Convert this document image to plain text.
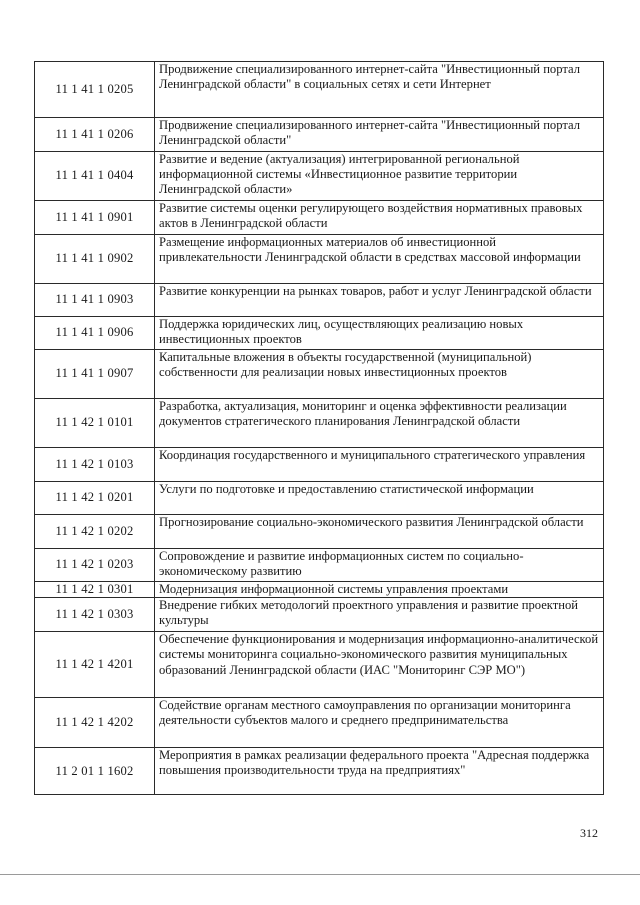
11 1 41 1 0205	Продвижение специализированного интернет-сайта "Инвестиционный портал Ленинградской области" в социальных сетях и сети Интернет
11 1 41 1 0206	Продвижение специализированного интернет-сайта "Инвестиционный портал Ленинградской области"
11 1 41 1 0404	Развитие и ведение (актуализация) интегрированной региональной информационной системы «Инвестиционное развитие территории Ленинградской области»
11 1 41 1 0901	Развитие системы оценки регулирующего воздействия нормативных правовых актов в Ленинградской области
11 1 41 1 0902	Размещение информационных материалов об инвестиционной привлекательности Ленинградской области в средствах массовой информации
11 1 41 1 0903	Развитие конкуренции на рынках товаров, работ и услуг Ленинградской области
11 1 41 1 0906	Поддержка юридических лиц, осуществляющих реализацию новых инвестиционных проектов
11 1 41 1 0907	Капитальные вложения в объекты государственной (муниципальной) собственности для реализации новых инвестиционных проектов
11 1 42 1 0101	Разработка, актуализация, мониторинг и оценка эффективности реализации документов стратегического планирования Ленинградской области
11 1 42 1 0103	Координация государственного и муниципального стратегического управления
11 1 42 1 0201	Услуги по подготовке и предоставлению статистической информации
11 1 42 1 0202	Прогнозирование социально-экономического развития Ленинградской области
11 1 42 1 0203	Сопровождение и развитие информационных систем по социально-экономическому развитию
11 1 42 1 0301	Модернизация информационной системы управления проектами
11 1 42 1 0303	Внедрение гибких методологий проектного управления и развитие проектной культуры
11 1 42 1 4201	Обеспечение функционирования и модернизация информационно-аналитической системы мониторинга социально-экономического развития муниципальных образований Ленинградской области (ИАС "Мониторинг СЭР МО")
11 1 42 1 4202	Содействие органам местного самоуправления по организации мониторинга деятельности субъектов малого и среднего предпринимательства
11 2 01 1 1602	Мероприятия в рамках реализации федерального проекта "Адресная поддержка повышения производительности труда на предприятиях"
312
